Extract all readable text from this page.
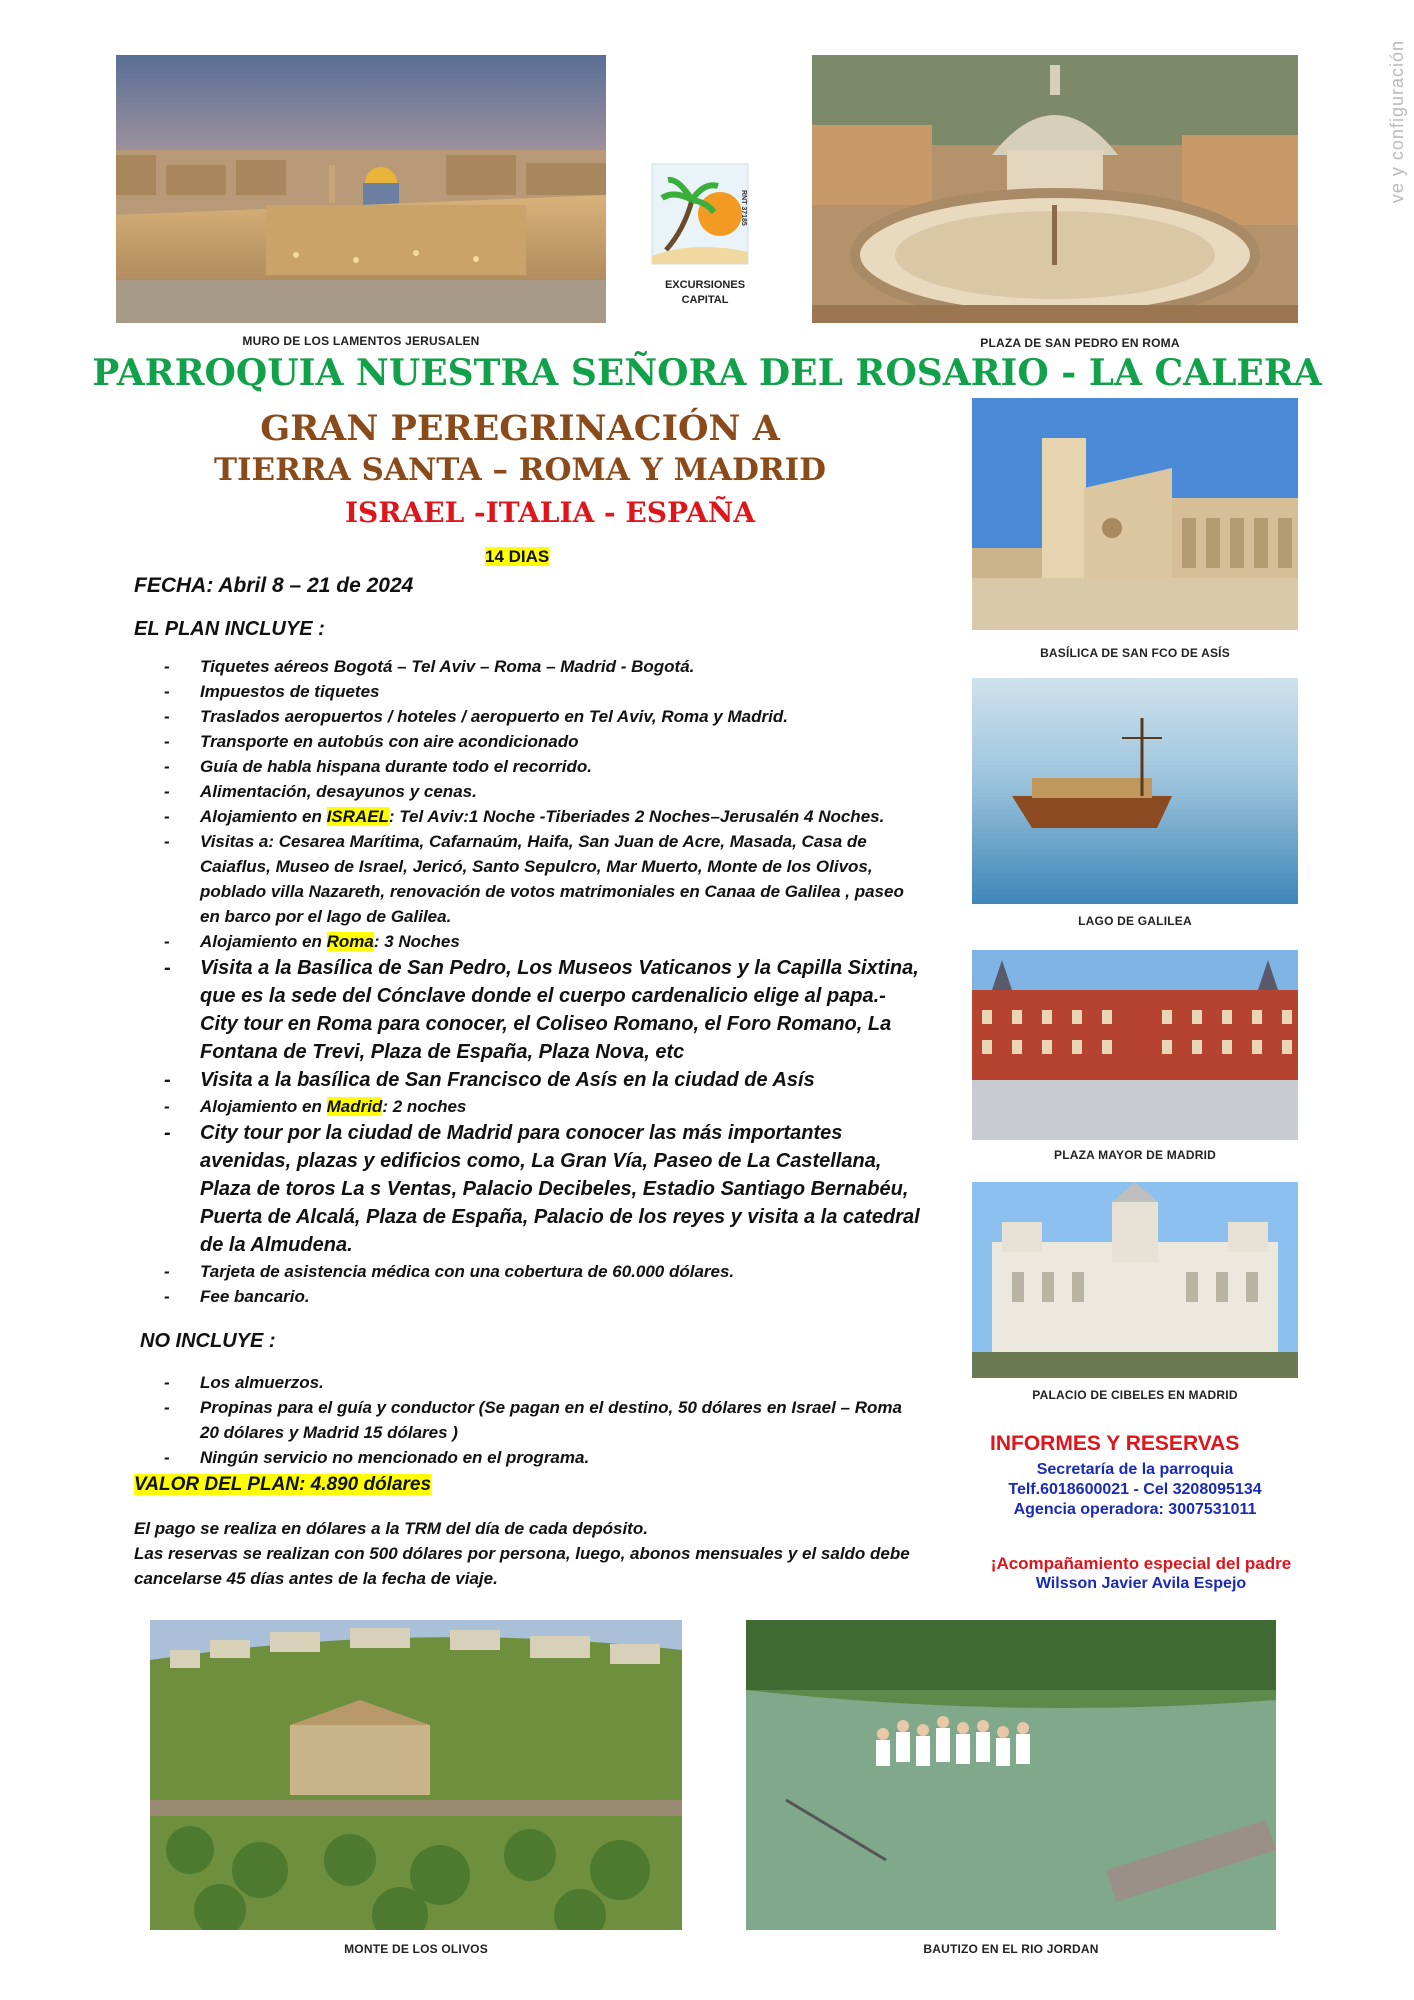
ve y configuración
MURO DE LOS LAMENTOS JERUSALEN
RNT 37185
EXCURSIONES
CAPITAL
PLAZA DE SAN PEDRO EN ROMA
PARROQUIA NUESTRA SEÑORA DEL ROSARIO - LA CALERA
GRAN PEREGRINACIÓN A
TIERRA SANTA – ROMA Y MADRID
ISRAEL -ITALIA - ESPAÑA
14 DIAS
FECHA: Abril 8 – 21 de 2024
EL PLAN INCLUYE :
- Tiquetes aéreos Bogotá – Tel Aviv – Roma – Madrid - Bogotá.
- Impuestos de tiquetes
- Traslados aeropuertos / hoteles / aeropuerto en Tel Aviv, Roma y Madrid.
- Transporte en autobús con aire acondicionado
- Guía de habla hispana durante todo el recorrido.
- Alimentación, desayunos y cenas.
- Alojamiento en ISRAEL: Tel Aviv:1 Noche -Tiberiades 2 Noches–Jerusalén 4 Noches.
- Visitas a: Cesarea Marítima, Cafarnaúm, Haifa, San Juan de Acre, Masada, Casa de Caiaflus, Museo de Israel, Jericó, Santo Sepulcro, Mar Muerto, Monte de los Olivos, poblado villa Nazareth, renovación de votos matrimoniales en Canaa de Galilea , paseo en barco por el lago de Galilea.
- Alojamiento en Roma: 3 Noches
- Visita a la Basílica de San Pedro, Los Museos Vaticanos y la Capilla Sixtina, que es la sede del Cónclave donde el cuerpo cardenalicio elige al papa.- City tour en Roma para conocer, el Coliseo Romano, el Foro Romano, La Fontana de Trevi, Plaza de España, Plaza Nova, etc
- Visita a la basílica de San Francisco de Asís en la ciudad de Asís
- Alojamiento en Madrid: 2 noches
- City tour por la ciudad de Madrid para conocer las más importantes avenidas, plazas y edificios como, La Gran Vía, Paseo de La Castellana, Plaza de toros La s Ventas, Palacio Decibeles, Estadio Santiago Bernabéu, Puerta de Alcalá, Plaza de España, Palacio de los reyes y visita a la catedral de la Almudena.
- Tarjeta de asistencia médica con una cobertura de 60.000 dólares.
- Fee bancario.
NO INCLUYE :
- Los almuerzos.
- Propinas para el guía y conductor (Se pagan en el destino, 50 dólares en Israel – Roma 20 dólares y Madrid 15 dólares )
- Ningún servicio no mencionado en el programa.
VALOR DEL PLAN: 4.890 dólares
El pago se realiza en dólares a la TRM del día de cada depósito.
Las reservas se realizan con 500 dólares por persona, luego, abonos mensuales y el saldo debe cancelarse 45 días antes de la fecha de viaje.
BASÍLICA DE SAN FCO DE ASÍS
LAGO DE GALILEA
PLAZA MAYOR DE MADRID
PALACIO DE CIBELES EN MADRID
INFORMES Y RESERVAS
Secretaría de la parroquia
Telf.6018600021 - Cel 3208095134
Agencia operadora: 3007531011
¡Acompañamiento especial del padre
Wilsson Javier Avila Espejo
MONTE DE LOS OLIVOS	BAUTIZO EN EL RIO JORDAN
